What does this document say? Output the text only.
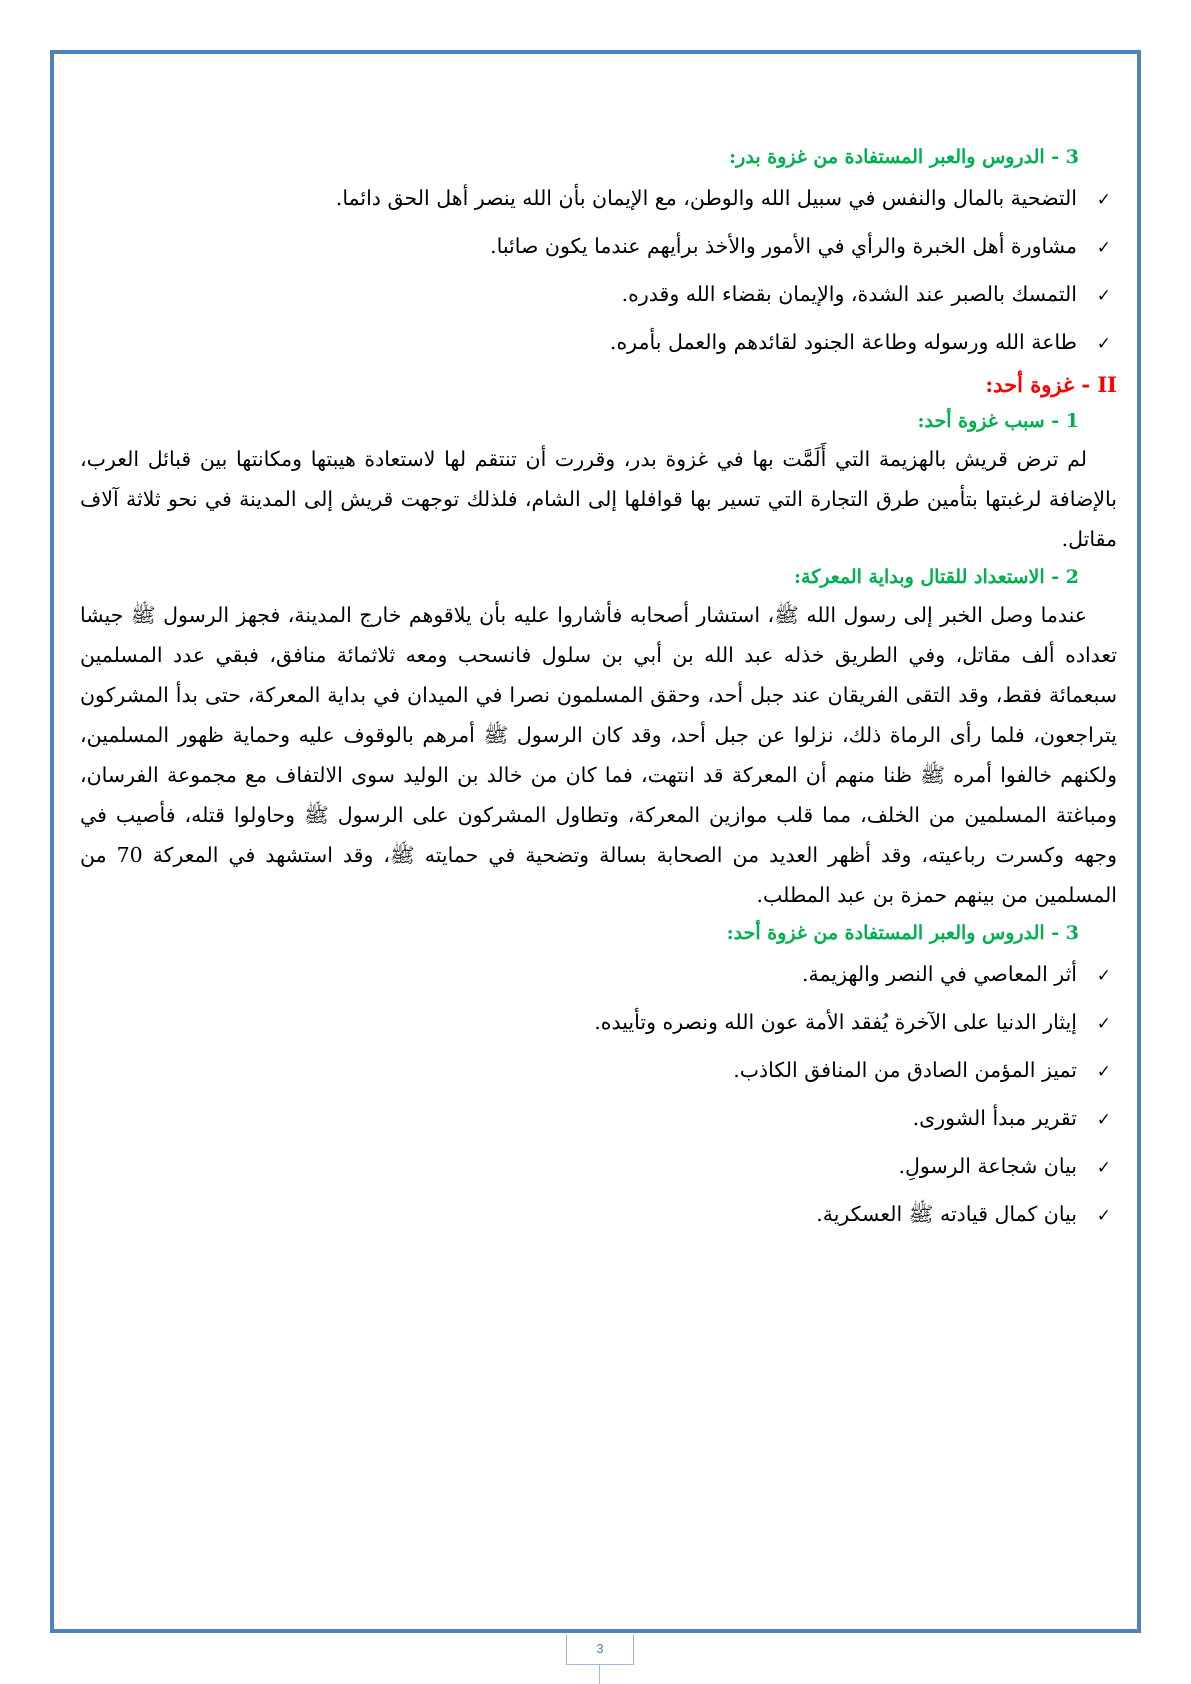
3 - الدروس والعبر المستفادة من غزوة بدر:
✓
التضحية بالمال والنفس في سبيل الله والوطن، مع الإيمان بأن الله ينصر أهل الحق دائما.
✓
مشاورة أهل الخبرة والرأي في الأمور والأخذ برأيهم عندما يكون صائبا.
✓
التمسك بالصبر عند الشدة، والإيمان بقضاء الله وقدره.
✓
طاعة الله ورسوله وطاعة الجنود لقائدهم والعمل بأمره.
II - غزوة أحد:
1 - سبب غزوة أحد:

لم ترض قريش بالهزيمة التي أَلَمَّت بها في غزوة بدر، وقررت أن تنتقم لها لاستعادة هيبتها ومكانتها بين قبائل العرب، بالإضافة لرغبتها بتأمين طرق التجارة التي تسير بها قوافلها إلى الشام، فلذلك توجهت قريش إلى المدينة في نحو ثلاثة آلاف مقاتل.

2 - الاستعداد للقتال وبداية المعركة:

عندما وصل الخبر إلى رسول الله ﷺ، استشار أصحابه فأشاروا عليه بأن يلاقوهم خارج المدينة، فجهز الرسول ﷺ جيشا تعداده ألف مقاتل، وفي الطريق خذله عبد الله بن أبي بن سلول فانسحب ومعه ثلاثمائة منافق، فبقي عدد المسلمين سبعمائة فقط، وقد التقى الفريقان عند جبل أحد، وحقق المسلمون نصرا في الميدان في بداية المعركة، حتى بدأ المشركون يتراجعون، فلما رأى الرماة ذلك، نزلوا عن جبل أحد، وقد كان الرسول ﷺ أمرهم بالوقوف عليه وحماية ظهور المسلمين، ولكنهم خالفوا أمره ﷺ ظنا منهم أن المعركة قد انتهت، فما كان من خالد بن الوليد سوى الالتفاف مع مجموعة الفرسان، ومباغتة المسلمين من الخلف، مما قلب موازين المعركة، وتطاول المشركون على الرسول ﷺ وحاولوا قتله، فأصيب في وجهه وكسرت رباعيته، وقد أظهر العديد من الصحابة بسالة وتضحية في حمايته ﷺ، وقد استشهد في المعركة 70 من المسلمين من بينهم حمزة بن عبد المطلب.

3 - الدروس والعبر المستفادة من غزوة أحد:
✓
أثر المعاصي في النصر والهزيمة.
✓
إيثار الدنيا على الآخرة يُفقد الأمة عون الله ونصره وتأييده.
✓
تميز المؤمن الصادق من المنافق الكاذب.
✓
تقرير مبدأ الشورى.
✓
بيان شجاعة الرسولِ.
✓
بيان كمال قيادته ﷺ العسكرية.
3
